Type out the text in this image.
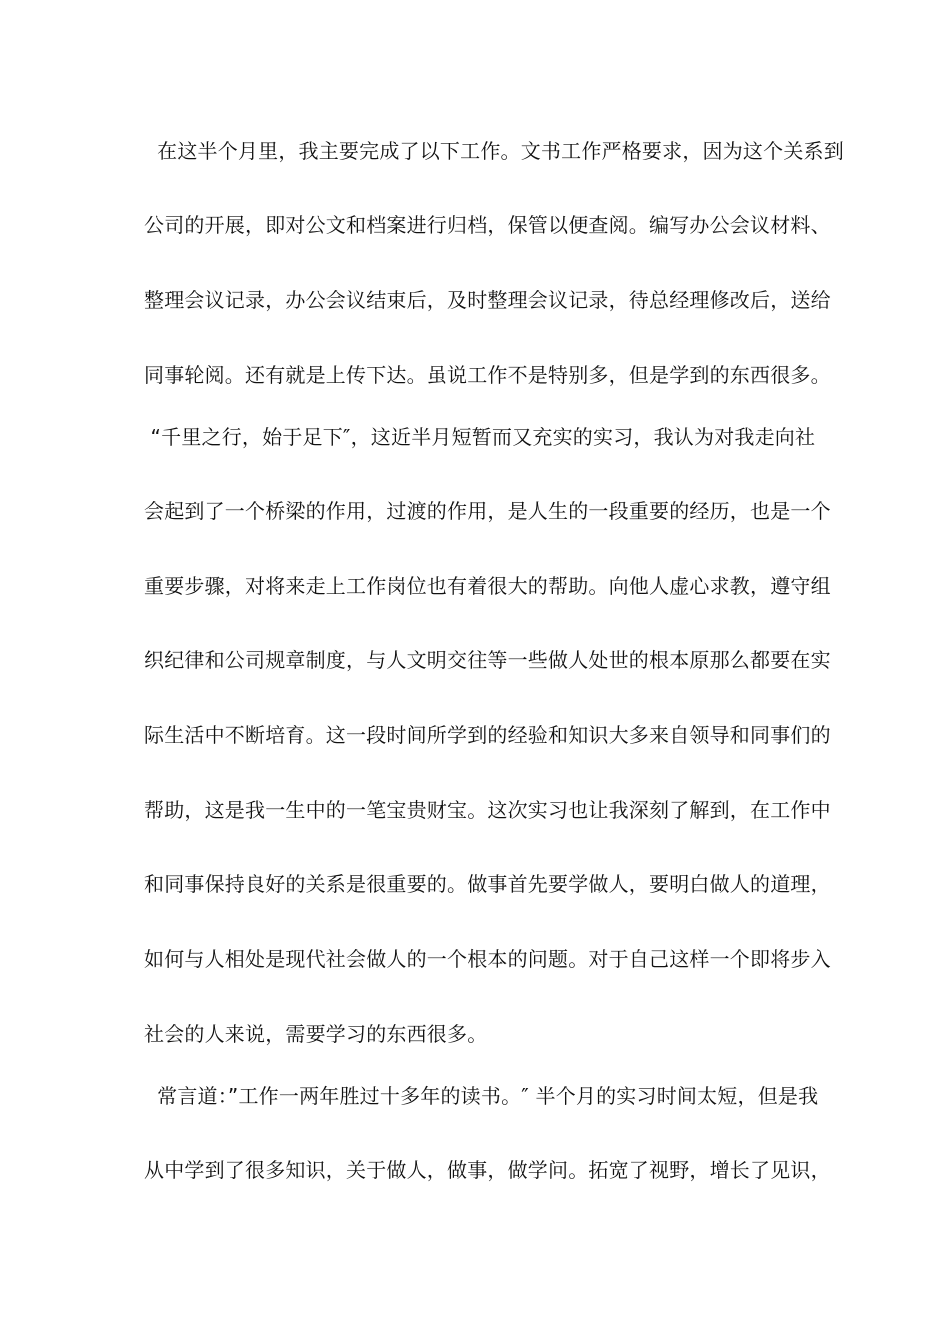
在这半个月里，我主要完成了以下工作。文书工作严格要求，因为这个关系到
公司的开展，即对公文和档案进行归档，保管以便查阅。编写办公会议材料、
整理会议记录，办公会议结束后，及时整理会议记录，待总经理修改后，送给
同事轮阅。还有就是上传下达。虽说工作不是特别多，但是学到的东西很多。
“千里之行，始于足下″，这近半月短暂而又充实的实习，我认为对我走向社
会起到了一个桥梁的作用，过渡的作用，是人生的一段重要的经历，也是一个
重要步骤，对将来走上工作岗位也有着很大的帮助。向他人虚心求教，遵守组
织纪律和公司规章制度，与人文明交往等一些做人处世的根本原那么都要在实
际生活中不断培育。这一段时间所学到的经验和知识大多来自领导和同事们的
帮助，这是我一生中的一笔宝贵财宝。这次实习也让我深刻了解到，在工作中
和同事保持良好的关系是很重要的。做事首先要学做人，要明白做人的道理，
如何与人相处是现代社会做人的一个根本的问题。对于自己这样一个即将步入
社会的人来说，需要学习的东西很多。
常言道：”工作一两年胜过十多年的读书。″ 半个月的实习时间太短，但是我
从中学到了很多知识，关于做人，做事，做学问。拓宽了视野，增长了见识，
